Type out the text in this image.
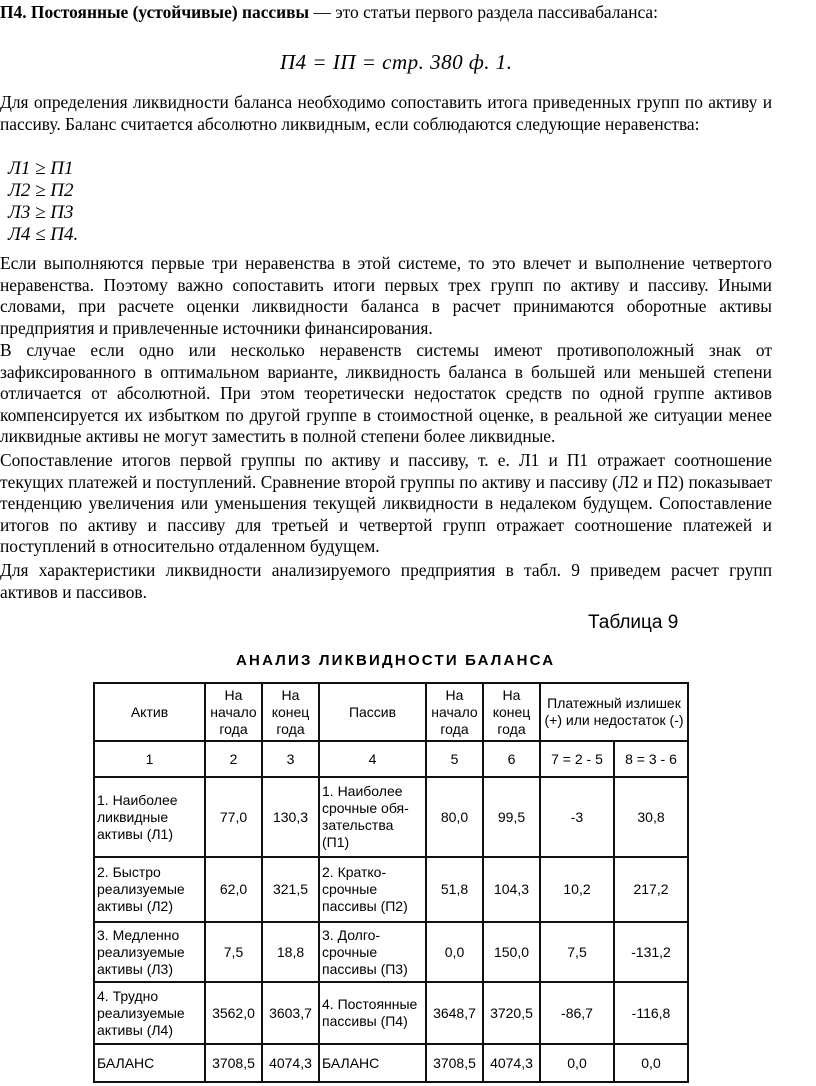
П4. Постоянные (устойчивые) пассивы — это статьи первого раздела пассивабаланса:

П4 = IП = стр. 380 ф. 1.

Для определения ликвидности баланса необходимо сопоставить итога приведенных групп по активу и пассиву. Баланс считается абсолютно ликвидным, если соблюдаются следующие неравенства:

Л1 ≥ П1
Л2 ≥ П2
Л3 ≥ П3
Л4 ≤ П4.

Если выполняются первые три неравенства в этой системе, то это влечет и выполнение четвертого неравенства. Поэтому важно сопоставить итоги первых трех групп по активу и пассиву. Иными словами, при расчете оценки ликвидности баланса в расчет принимаются оборотные активы предприятия и привлеченные источники финансирования.

В случае если одно или несколько неравенств системы имеют противоположный знак от зафиксированного в оптимальном варианте, ликвидность баланса в большей или меньшей степени отличается от абсолютной. При этом теоретически недостаток средств по одной группе активов компенсируется их избытком по другой группе в стоимостной оценке, в реальной же ситуации менее ликвидные активы не могут заместить в полной степени более ликвидные.

Сопоставление итогов первой группы по активу и пассиву, т. е. Л1 и П1 отражает соотношение текущих платежей и поступлений. Сравнение второй группы по активу и пассиву (Л2 и П2) показывает тенденцию увеличения или уменьшения текущей ликвидности в недалеком будущем. Сопоставление итогов по активу и пассиву для третьей и четвертой групп отражает соотношение платежей и поступлений в относительно отдаленном будущем.

Для характеристики ликвидности анализируемого предприятия в табл. 9 приведем расчет групп активов и пассивов.

Таблица 9
АНАЛИЗ ЛИКВИДНОСТИ БАЛАНСА
Актив	На начало года	На конец года	Пассив	На начало года	На конец года	Платежный излишек (+) или недостаток (-)	
1	2	3	4	5	6	7 = 2 - 5	8 = 3 - 6
1. Наиболее ликвидные активы (Л1)	77,0	130,3	1. Наиболее срочные обя-зательства (П1)	80,0	99,5	-3	30,8
2. Быстро реализуемые активы (Л2)	62,0	321,5	2. Кратко-срочные пассивы (П2)	51,8	104,3	10,2	217,2
3. Медленно реализуемые активы (Л3)	7,5	18,8	3. Долго-срочные пассивы (П3)	0,0	150,0	7,5	-131,2
4. Трудно реализуемые активы (Л4)	3562,0	3603,7	4. Постоянные пассивы (П4)	3648,7	3720,5	-86,7	-116,8
БАЛАНС	3708,5	4074,3	БАЛАНС	3708,5	4074,3	0,0	0,0
